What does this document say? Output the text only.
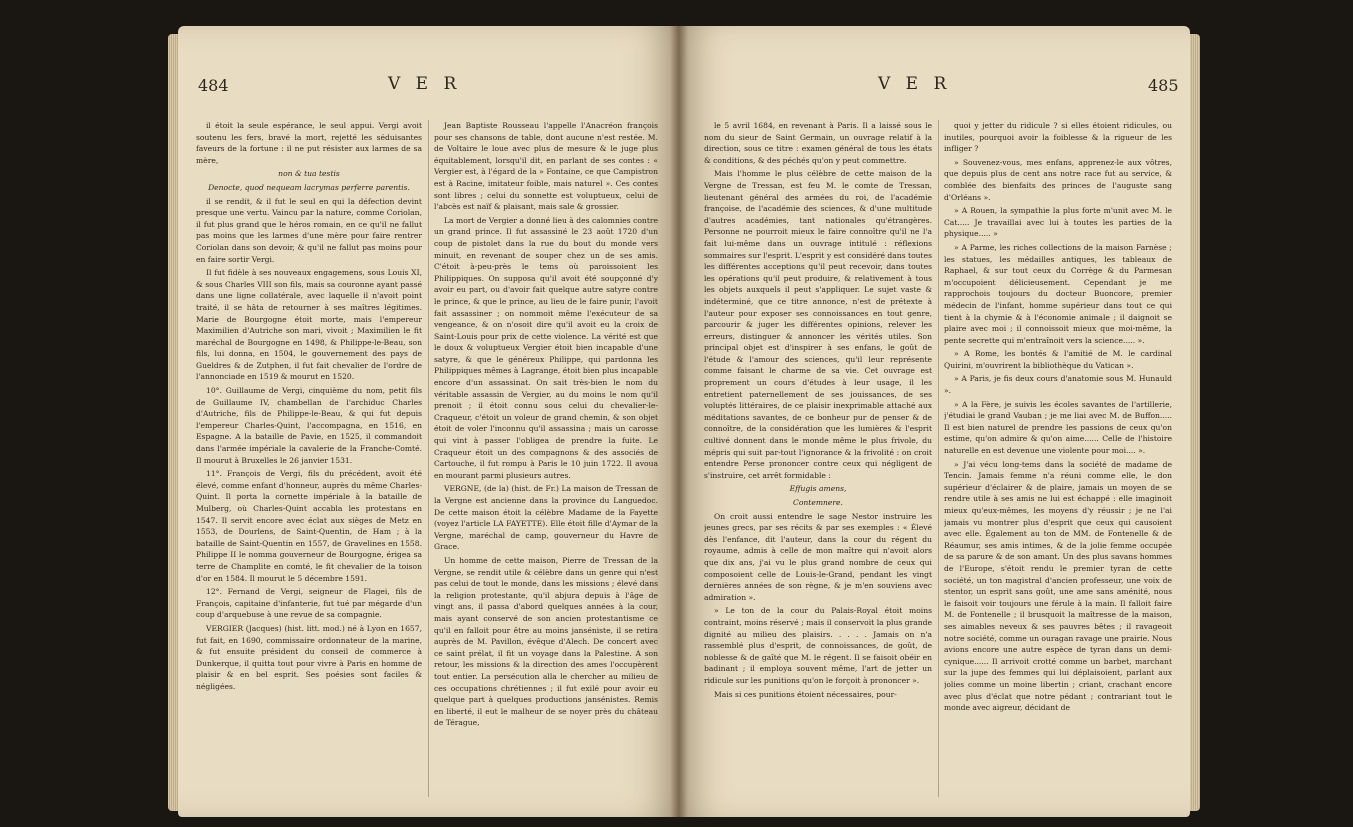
484	V E R

il étoit la seule espérance, le seul appui. Vergi avoit soutenu les fers, bravé la mort, rejetté les séduisantes faveurs de la fortune : il ne put résister aux larmes de sa mère,

non & tua testis

Denocte, quod nequeam lacrymas perferre parentis.

il se rendit, & il fut le seul en qui la défection devint presque une vertu. Vaincu par la nature, comme Coriolan, il fut plus grand que le héros romain, en ce qu'il ne fallut pas moins que les larmes d'une mère pour faire rentrer Coriolan dans son devoir, & qu'il ne fallut pas moins pour en faire sortir Vergi.

Il fut fidèle à ses nouveaux engagemens, sous Louis XI, & sous Charles VIII son fils, mais sa couronne ayant passé dans une ligne collatérale, avec laquelle il n'avoit point traité, il se hâta de retourner à ses maîtres légitimes. Marie de Bourgogne étoit morte, mais l'empereur Maximilien d'Autriche son mari, vivoit ; Maximilien le fit maréchal de Bourgogne en 1498, & Philippe-le-Beau, son fils, lui donna, en 1504, le gouvernement des pays de Gueldres & de Zutphen, il fut fait chevalier de l'ordre de l'annonciade en 1519 & mourut en 1520.

10°. Guillaume de Vergi, cinquième du nom, petit fils de Guillaume IV, chambellan de l'archiduc Charles d'Autriche, fils de Philippe-le-Beau, & qui fut depuis l'empereur Charles-Quint, l'accompagna, en 1516, en Espagne. A la bataille de Pavie, en 1525, il commandoit dans l'armée impériale la cavalerie de la Franche-Comté. Il mourut à Bruxelles le 26 janvier 1531.

11°. François de Vergi, fils du précédent, avoit été élevé, comme enfant d'honneur, auprès du même Charles-Quint. Il porta la cornette impériale à la bataille de Mulberg, où Charles-Quint accabla les protestans en 1547. Il servit encore avec éclat aux sièges de Metz en 1553, de Dourlens, de Saint-Quentin, de Ham ; à la bataille de Saint-Quentin en 1557, de Gravelines en 1558. Philippe II le nomma gouverneur de Bourgogne, érigea sa terre de Champlite en comté, le fit chevalier de la toison d'or en 1584. Il mourut le 5 décembre 1591.

12°. Fernand de Vergi, seigneur de Flagei, fils de François, capitaine d'infanterie, fut tué par mégarde d'un coup d'arquebuse à une revue de sa compagnie.

VERGIER (Jacques) (hist. litt. mod.) né à Lyon en 1657, fut fait, en 1690, commissaire ordonnateur de la marine, & fut ensuite président du conseil de commerce à Dunkerque, il quitta tout pour vivre à Paris en homme de plaisir & en bel esprit. Ses poésies sont faciles & négligées.

Jean Baptiste Rousseau l'appelle l'Anacréon françois pour ses chansons de table, dont aucune n'est restée. M. de Voltaire le loue avec plus de mesure & le juge plus équitablement, lorsqu'il dit, en parlant de ses contes : « Vergier est, à l'égard de la » Fontaine, ce que Campistron est à Racine, imitateur foible, mais naturel ». Ces contes sont libres ; celui du sonnette est voluptueux, celui de l'abcès est naïf & plaisant, mais sale & grossier.

La mort de Vergier a donné lieu à des calomnies contre un grand prince. Il fut assassiné le 23 août 1720 d'un coup de pistolet dans la rue du bout du monde vers minuit, en revenant de souper chez un de ses amis. C'étoit à-peu-près le tems où paroissoient les Philippiques. On supposa qu'il avoit été soupçonné d'y avoir eu part, ou d'avoir fait quelque autre satyre contre le prince, & que le prince, au lieu de le faire punir, l'avoit fait assassiner ; on nommoit même l'exécuteur de sa vengeance, & on n'osoit dire qu'il avoit eu la croix de Saint-Louis pour prix de cette violence. La vérité est que le doux & voluptueux Vergier étoit bien incapable d'une satyre, & que le généreux Philippe, qui pardonna les Philippiques mêmes à Lagrange, étoit bien plus incapable encore d'un assassinat. On sait très-bien le nom du véritable assassin de Vergier, au du moins le nom qu'il prenoit ; il étoit connu sous celui du chevalier-le-Craqueur, c'étoit un voleur de grand chemin, & son objet étoit de voler l'inconnu qu'il assassina ; mais un carosse qui vint à passer l'obligea de prendre la fuite. Le Craqueur étoit un des compagnons & des associés de Cartouche, il fut rompu à Paris le 10 juin 1722. Il avoua en mourant parmi plusieurs autres.

VERGNE, (de la) (hist. de Fr.) La maison de Tressan de la Vergne est ancienne dans la province du Languedoc. De cette maison étoit la célèbre Madame de la Fayette (voyez l'article LA FAYETTE). Elle étoit fille d'Aymar de la Vergne, maréchal de camp, gouverneur du Havre de Grace.

Un homme de cette maison, Pierre de Tressan de la Vergne, se rendit utile & célèbre dans un genre qui n'est pas celui de tout le monde, dans les missions ; élevé dans la religion protestante, qu'il abjura depuis à l'âge de vingt ans, il passa d'abord quelques années à la cour, mais ayant conservé de son ancien protestantisme ce qu'il en falloit pour être au moins janséniste, il se retira auprès de M. Pavillon, évêque d'Alech. De concert avec ce saint prélat, il fit un voyage dans la Palestine. A son retour, les missions & la direction des ames l'occupèrent tout entier. La persécution alla le chercher au milieu de ces occupations chrétiennes ; il fut exilé pour avoir eu quelque part à quelques productions jansénistes. Remis en liberté, il eut le malheur de se noyer près du château de Térague,

V E R	485

le 5 avril 1684, en revenant à Paris. Il a laissé sous le nom du sieur de Saint Germain, un ouvrage relatif à la direction, sous ce titre : examen général de tous les états & conditions, & des péchés qu'on y peut commettre.

Mais l'homme le plus célèbre de cette maison de la Vergne de Tressan, est feu M. le comte de Tressan, lieutenant général des armées du roi, de l'académie françoise, de l'académie des sciences, & d'une multitude d'autres académies, tant nationales qu'étrangères. Personne ne pourroit mieux le faire connoître qu'il ne l'a fait lui-même dans un ouvrage intitulé : réflexions sommaires sur l'esprit. L'esprit y est considéré dans toutes les différentes acceptions qu'il peut recevoir, dans toutes les opérations qu'il peut produire, & relativement à tous les objets auxquels il peut s'appliquer. Le sujet vaste & indéterminé, que ce titre annonce, n'est de prétexte à l'auteur pour exposer ses connoissances en tout genre, parcourir & juger les différentes opinions, relever les erreurs, distinguer & annoncer les vérités utiles. Son principal objet est d'inspirer à ses enfans, le goût de l'étude & l'amour des sciences, qu'il leur représente comme faisant le charme de sa vie. Cet ouvrage est proprement un cours d'études à leur usage, il les entretient paternellement de ses jouissances, de ses voluptés littéraires, de ce plaisir inexprimable attaché aux méditations savantes, de ce bonheur pur de penser & de connoître, de la considération que les lumières & l'esprit cultivé donnent dans le monde même le plus frivole, du mépris qui suit par-tout l'ignorance & la frivolité : on croit entendre Perse prononcer contre ceux qui négligent de s'instruire, cet arrêt formidable :

Effugis amens,

Contemnere.

On croit aussi entendre le sage Nestor instruire les jeunes grecs, par ses récits & par ses exemples : « Élevé dès l'enfance, dit l'auteur, dans la cour du régent du royaume, admis à celle de mon maître qui n'avoit alors que dix ans, j'ai vu le plus grand nombre de ceux qui composoient celle de Louis-le-Grand, pendant les vingt dernières années de son règne, & je m'en souviens avec admiration ».

» Le ton de la cour du Palais-Royal étoit moins contraint, moins réservé ; mais il conservoit la plus grande dignité au milieu des plaisirs. . . . . Jamais on n'a rassemblé plus d'esprit, de connoissances, de goût, de noblesse & de gaîté que M. le régent. Il se faisoit obéir en badinant ; il employa souvent même, l'art de jetter un ridicule sur les punitions qu'on le forçoit à prononcer ».

Mais si ces punitions étoient nécessaires, pour-

quoi y jetter du ridicule ? si elles étoient ridicules, ou inutiles, pourquoi avoir la foiblesse & la rigueur de les infliger ?

» Souvenez-vous, mes enfans, apprenez-le aux vôtres, que depuis plus de cent ans notre race fut au service, & comblée des bienfaits des princes de l'auguste sang d'Orléans ».

» A Rouen, la sympathie la plus forte m'unit avec M. le Cat..... Je travaillai avec lui à toutes les parties de la physique..... »

» A Parme, les riches collections de la maison Farnèse ; les statues, les médailles antiques, les tableaux de Raphael, & sur tout ceux du Corrège & du Parmesan m'occupoient délicieusement. Cependant je me rapprochois toujours du docteur Buoncore, premier médecin de l'infant, homme supérieur dans tout ce qui tient à la chymie & à l'économie animale ; il daignoit se plaire avec moi ; il connoissoit mieux que moi-même, la pente secrette qui m'entraînoit vers la science..... ».

» A Rome, les bontés & l'amitié de M. le cardinal Quirini, m'ouvrirent la bibliothèque du Vatican ».

» A Paris, je fis deux cours d'anatomie sous M. Hunauld ».

» A la Fère, je suivis les écoles savantes de l'artillerie, j'étudiai le grand Vauban ; je me liai avec M. de Buffon..... Il est bien naturel de prendre les passions de ceux qu'on estime, qu'on admire & qu'on aime...... Celle de l'histoire naturelle en est devenue une violente pour moi.... ».

» J'ai vécu long-tems dans la société de madame de Tencin. Jamais femme n'a réuni comme elle, le don supérieur d'éclairer & de plaire, jamais un moyen de se rendre utile à ses amis ne lui est échappé : elle imaginoit mieux qu'eux-mêmes, les moyens d'y réussir ; je ne l'ai jamais vu montrer plus d'esprit que ceux qui causoient avec elle. Également au ton de MM. de Fontenelle & de Réaumur, ses amis intimes, & de la jolie femme occupée de sa parure & de son amant. Un des plus savans hommes de l'Europe, s'étoit rendu le premier tyran de cette société, un ton magistral d'ancien professeur, une voix de stentor, un esprit sans goût, une ame sans aménité, nous le faisoit voir toujours une férule à la main. Il falloit faire M. de Fontenelle ; il brusquoit la maîtresse de la maison, ses aimables neveux & ses pauvres bêtes ; il ravageoit notre société, comme un ouragan ravage une prairie. Nous avions encore une autre espèce de tyran dans un demi-cynique...... Il arrivoit crotté comme un barbet, marchant sur la jupe des femmes qui lui déplaisoient, parlant aux jolies comme un moine libertin ; criant, crachant encore avec plus d'éclat que notre pédant ; contrariant tout le monde avec aigreur, décidant de
